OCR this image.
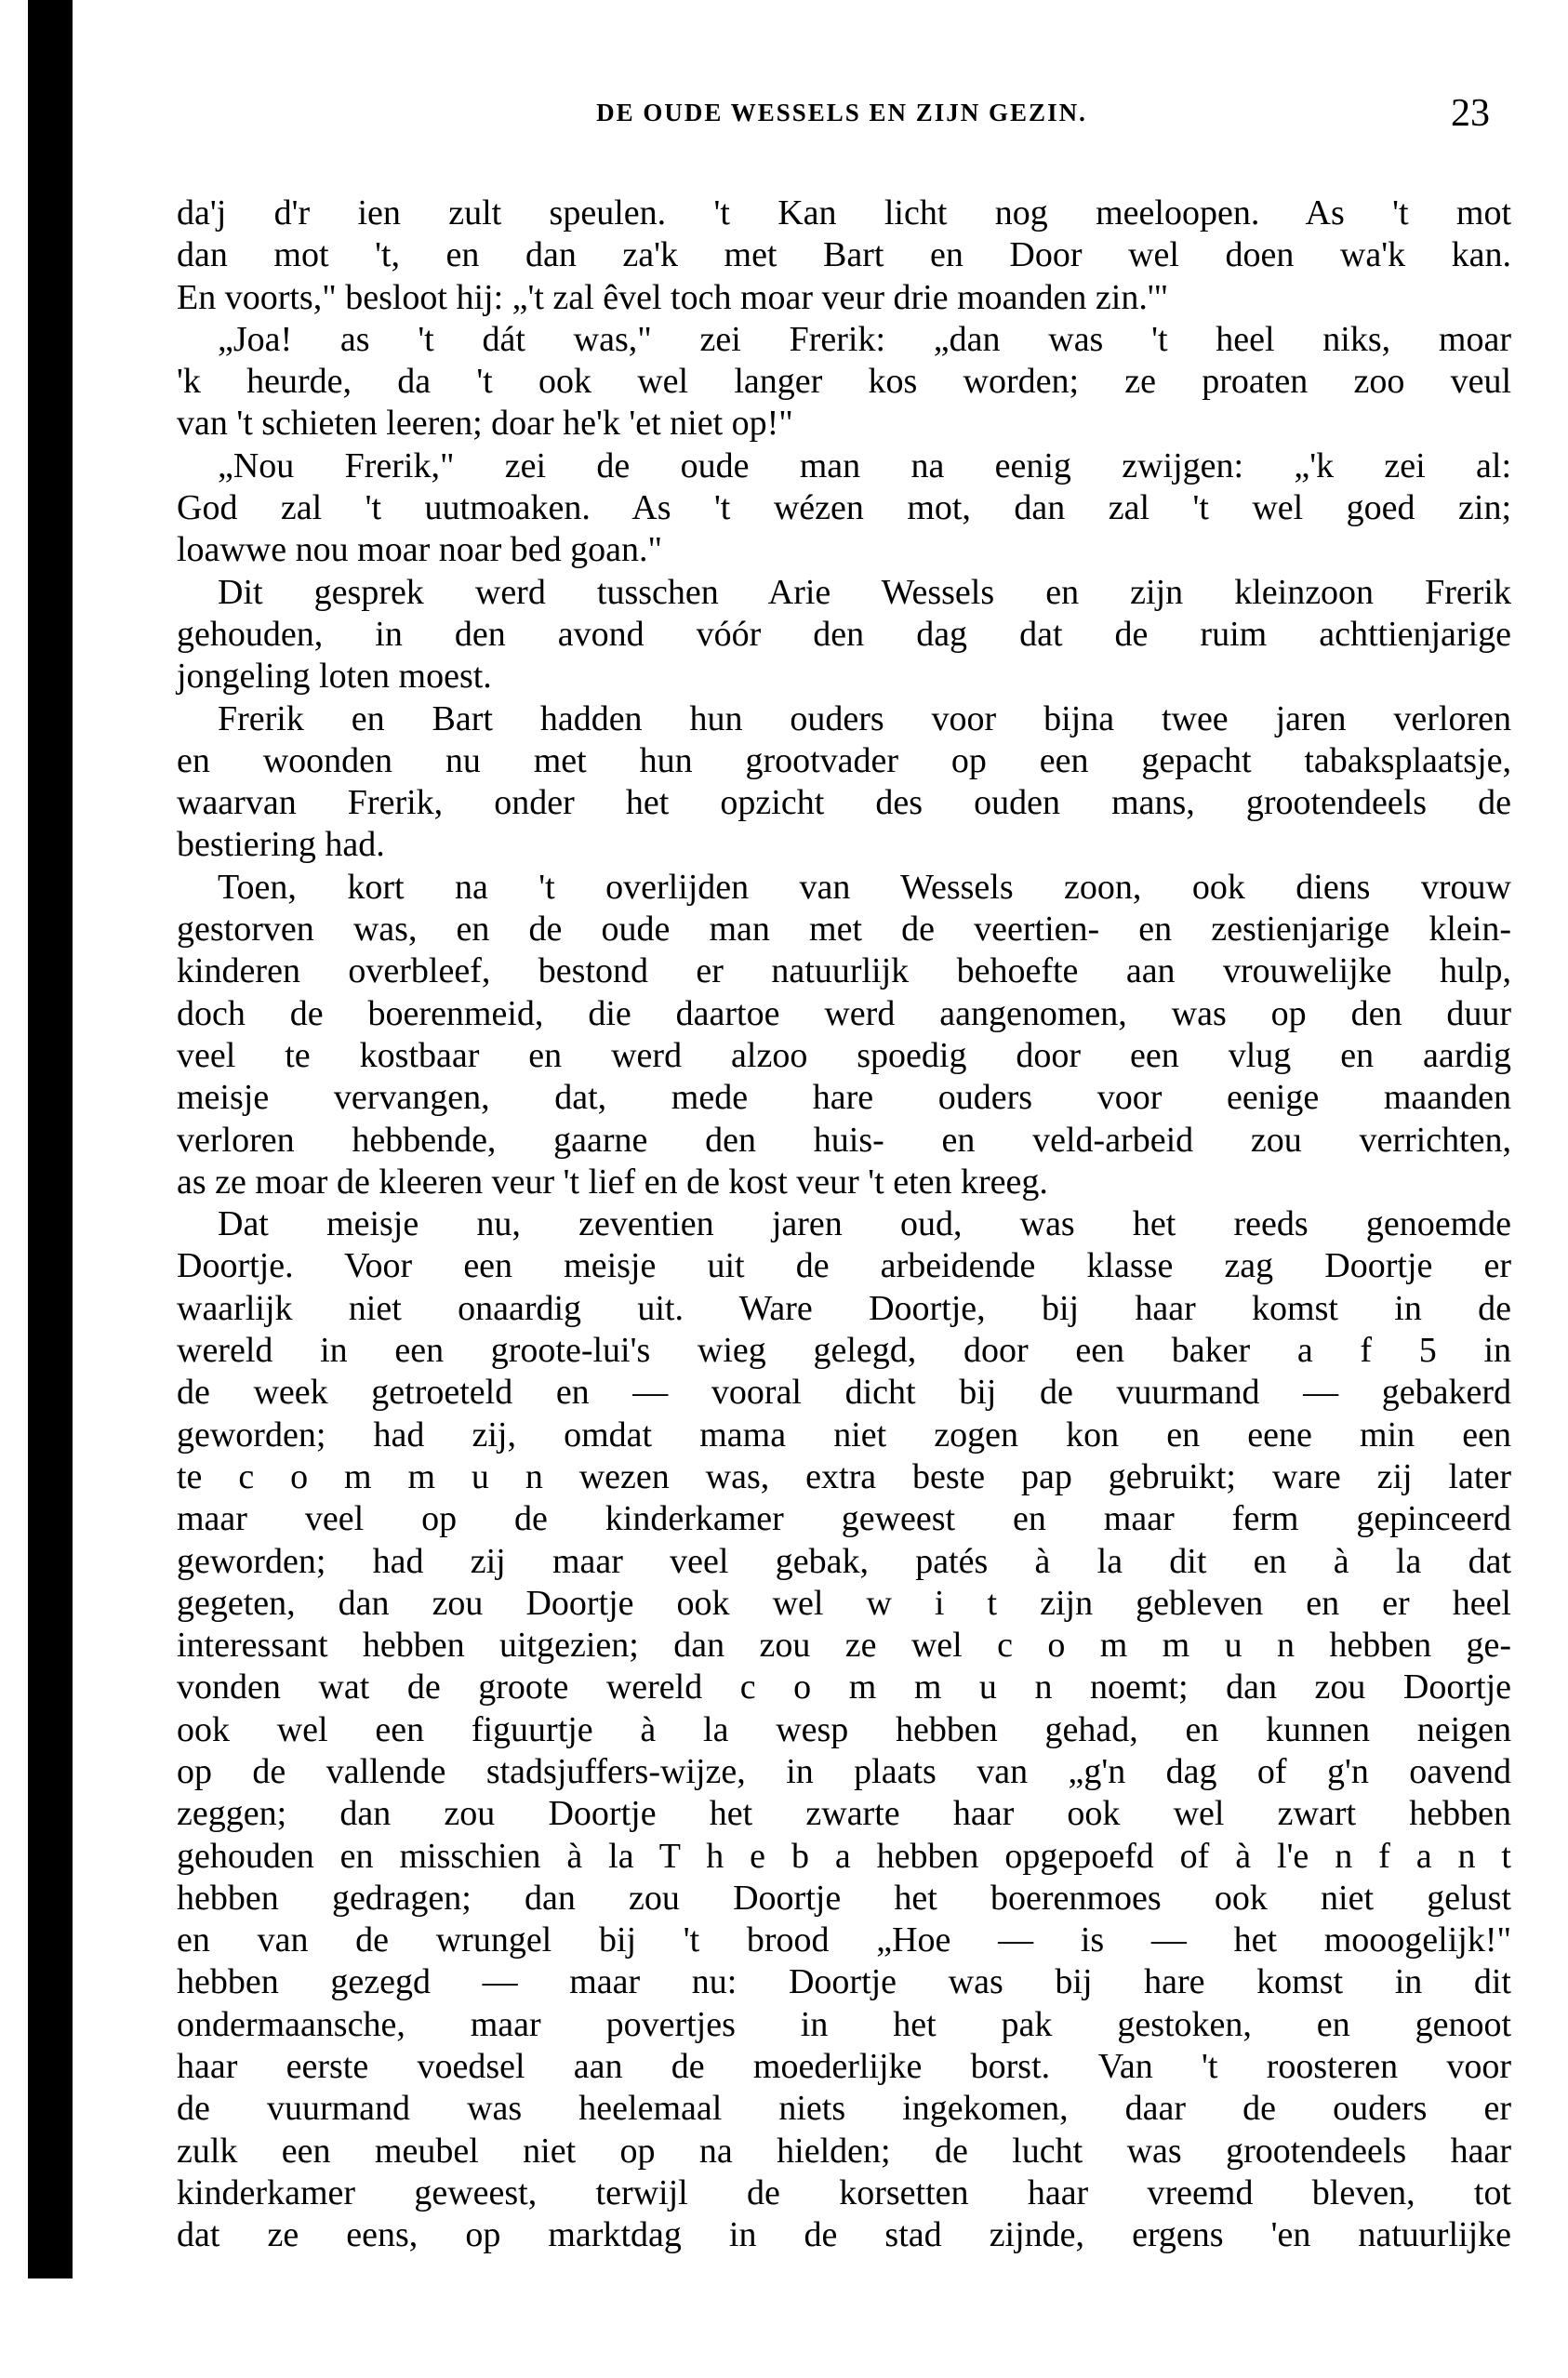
DE OUDE WESSELS EN ZIJN GEZIN.	23
da'j d'r ien zult speulen. 't Kan licht nog meeloopen. As 't mot
dan mot 't, en dan za'k met Bart en Door wel doen wa'k kan.
En voorts," besloot hij: „'t zal êvel toch moar veur drie moanden zin.'"
„Joa! as 't dát was," zei Frerik: „dan was 't heel niks, moar
'k heurde, da 't ook wel langer kos worden; ze proaten zoo veul
van 't schieten leeren; doar he'k 'et niet op!"
„Nou Frerik," zei de oude man na eenig zwijgen: „'k zei al:
God zal 't uutmoaken. As 't wézen mot, dan zal 't wel goed zin;
loawwe nou moar noar bed goan."
Dit gesprek werd tusschen Arie Wessels en zijn kleinzoon Frerik
gehouden, in den avond vóór den dag dat de ruim achttienjarige
jongeling loten moest.
Frerik en Bart hadden hun ouders voor bijna twee jaren verloren
en woonden nu met hun grootvader op een gepacht tabaksplaatsje,
waarvan Frerik, onder het opzicht des ouden mans, grootendeels de
bestiering had.
Toen, kort na 't overlijden van Wessels zoon, ook diens vrouw
gestorven was, en de oude man met de veertien- en zestienjarige klein-
kinderen overbleef, bestond er natuurlijk behoefte aan vrouwelijke hulp,
doch de boerenmeid, die daartoe werd aangenomen, was op den duur
veel te kostbaar en werd alzoo spoedig door een vlug en aardig
meisje vervangen, dat, mede hare ouders voor eenige maanden
verloren hebbende, gaarne den huis- en veld-arbeid zou verrichten,
as ze moar de kleeren veur 't lief en de kost veur 't eten kreeg.
Dat meisje nu, zeventien jaren oud, was het reeds genoemde
Doortje. Voor een meisje uit de arbeidende klasse zag Doortje er
waarlijk niet onaardig uit. Ware Doortje, bij haar komst in de
wereld in een groote-lui's wieg gelegd, door een baker a f 5 in
de week getroeteld en — vooral dicht bij de vuurmand — gebakerd
geworden; had zij, omdat mama niet zogen kon en eene min een
te c o m m u n wezen was, extra beste pap gebruikt; ware zij later
maar veel op de kinderkamer geweest en maar ferm gepinceerd
geworden; had zij maar veel gebak, patés à la dit en à la dat
gegeten, dan zou Doortje ook wel w i t zijn gebleven en er heel
interessant hebben uitgezien; dan zou ze wel c o m m u n hebben ge-
vonden wat de groote wereld c o m m u n noemt; dan zou Doortje
ook wel een figuurtje à la wesp hebben gehad, en kunnen neigen
op de vallende stadsjuffers-wijze, in plaats van „g'n dag of g'n oavend
zeggen; dan zou Doortje het zwarte haar ook wel zwart hebben
gehouden en misschien à la T h e b a hebben opgepoefd of à l'e n f a n t
hebben gedragen; dan zou Doortje het boerenmoes ook niet gelust
en van de wrungel bij 't brood „Hoe — is — het mooogelijk!"
hebben gezegd — maar nu: Doortje was bij hare komst in dit
ondermaansche, maar povertjes in het pak gestoken, en genoot
haar eerste voedsel aan de moederlijke borst. Van 't roosteren voor
de vuurmand was heelemaal niets ingekomen, daar de ouders er
zulk een meubel niet op na hielden; de lucht was grootendeels haar
kinderkamer geweest, terwijl de korsetten haar vreemd bleven, tot
dat ze eens, op marktdag in de stad zijnde, ergens 'en natuurlijke
